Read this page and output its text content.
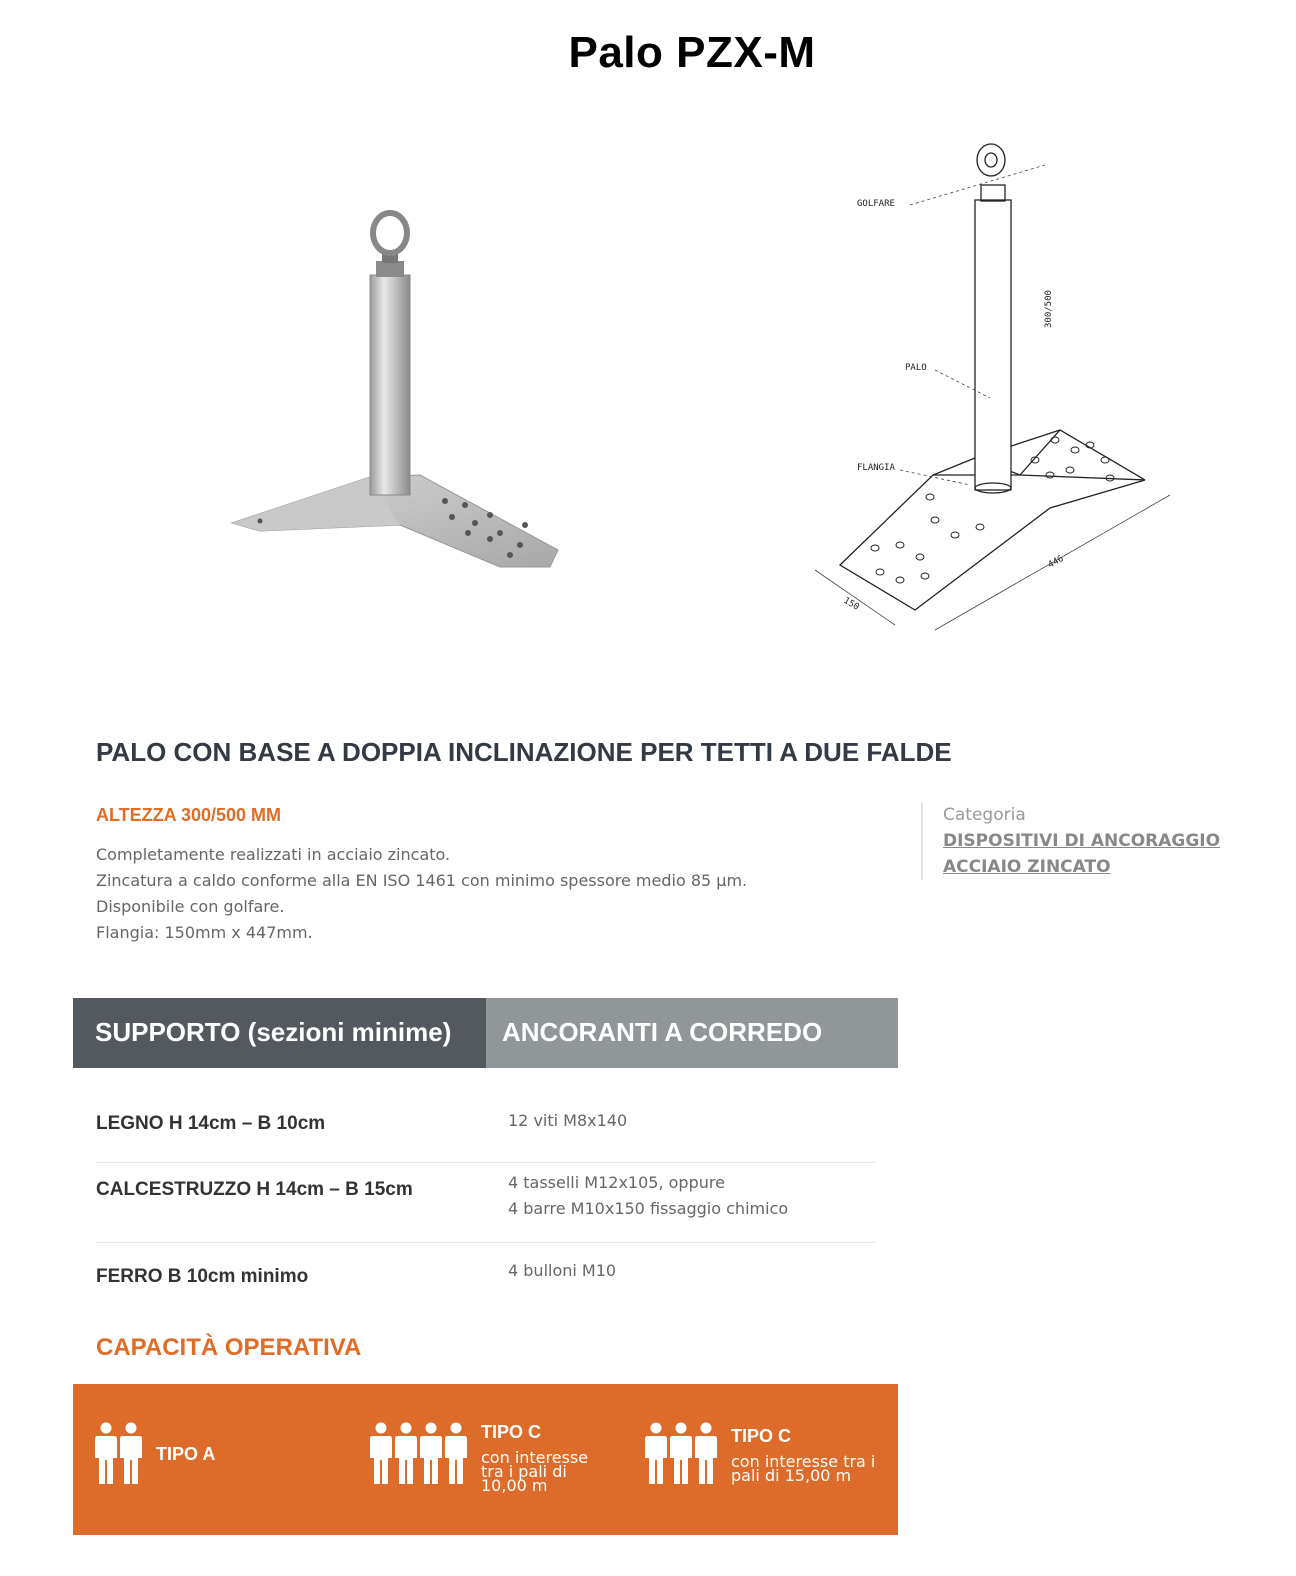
Palo PZX-M
GOLFARE
PALO
FLANGIA
300/500
150
446
PALO CON BASE A DOPPIA INCLINAZIONE PER TETTI A DUE FALDE
ALTEZZA 300/500 MM
Completamente realizzati in acciaio zincato.
Zincatura a caldo conforme alla EN ISO 1461 con minimo spessore medio 85 µm.
Disponibile con golfare.
Flangia: 150mm x 447mm.
Categoria
DISPOSITIVI DI ANCORAGGIO
ACCIAIO ZINCATO
SUPPORTO (sezioni minime)	ANCORANTI A CORREDO
LEGNO H 14cm – B 10cm	12 viti M8x140
CALCESTRUZZO H 14cm – B 15cm	4 tasselli M12x105, oppure
4 barre M10x150 fissaggio chimico
FERRO B 10cm minimo	4 bulloni M10
CAPACITÀ OPERATIVA
TIPO A
TIPO C
con interesse tra i pali di 10,00 m
TIPO C
con interesse tra i pali di 15,00 m
